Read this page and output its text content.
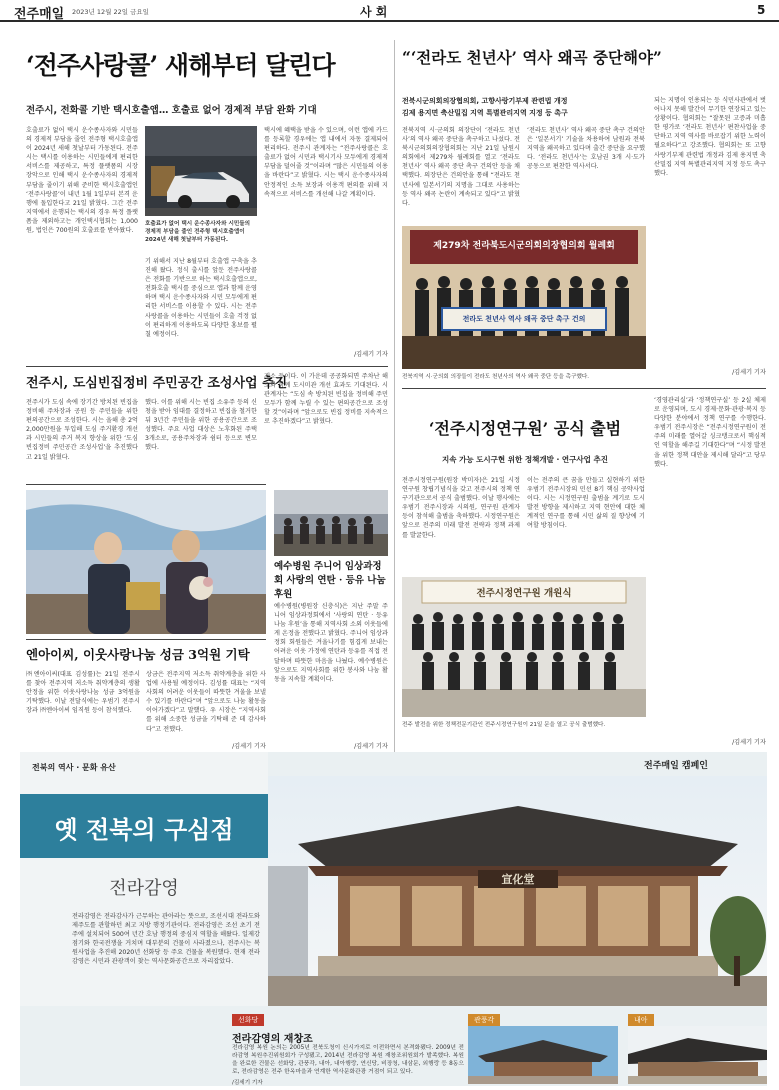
전주매일 2023년 12월 22일 금요일	사 회	5
‘전주사랑콜’ 새해부터 달린다
전주시, 전화콜 기반 택시호출앱… 호출료 없어 경제적 부담 완화 기대
호출료가 없어 택시 운수종사자와 시민들의 경제적 부담을 줄인 전주형 택시호출앱이 2024년 새해 첫날부터 가동된다. 전주시는 택시를 이용하는 시민들에게 편리한 서비스를 제공하고, 특정 플랫폼의 시장 장악으로 인해 택시 운수종사자의 경제적 부담을 줄이기 위해 준비한 택시호출앱인 ‘전주사랑콜’이 내년 1월 1일부터 본격 운행에 돌입한다고 21일 밝혔다. 그간 전주지역에서 운행되는 택시의 경우 특정 플랫폼을 제외하고는 개인택시협회는 1,000원, 법인은 700원의 호출료를 받아왔다.
호출료가 없어 택시 운수종사자와 시민들의 경제적 부담을 줄인 전주형 택시호출앱이 2024년 새해 첫날부터 가동된다.
기 위해서 지난 8월부터 호출앱 구축을 추진해 왔다. 정식 출시를 앞둔 전주사랑콜은 전화를 기반으로 하는 택시호출앱으로, 전화호출 택시를 중심으로 앱과 함께 운영하며 택시 운수종사자와 시민 모두에게 편리한 서비스를 이용할 수 있다. 시는 전주사랑콜을 이용하는 시민들이 호출 걱정 없이 편리하게 이용하도록 다양한 홍보를 펼칠 예정이다.
택시에 혜택을 받을 수 있으며, 이런 앱에 카드를 등록할 경우에는 앱 내에서 자동 결제되어 편리하다. 전주시 관계자는 “전주사랑콜은 호출료가 없어 시민과 택시기사 모두에게 경제적 부담을 덜어줄 것”이라며 “많은 시민들의 이용을 바란다”고 밝혔다. 시는 택시 운수종사자의 안정적인 소득 보장과 이용객 편의를 위해 지속적으로 서비스를 개선해 나갈 계획이다.
/김세기 기자
전주시, 도심빈집정비 주민공간 조성사업 추진
전주시가 도심 속에 장기간 방치된 빈집을 정비해 주차장과 공원 등 주민들을 위한 편의공간으로 조성한다. 시는 올해 총 2억2,000만원을 투입해 도심 주거환경 개선과 시민들의 주거 복지 향상을 위한 ‘도심빈집정비 주민공간 조성사업’을 추진했다고 21일 밝혔다.
했다. 이를 위해 시는 빈집 소유주 등의 신청을 받아 임대를 결정하고 빈집을 철거한 뒤 3년간 주민들을 위한 공용공간으로 조성했다. 주요 사업 대상은 노후화된 주택 3개소로, 공용주차장과 쉼터 등으로 변모했다.
게소 등이다. 이 가운데 공공화되면 주차난 해소와 함께 도시미관 개선 효과도 기대된다. 시 관계자는 “도심 속 방치된 빈집을 정비해 주민 모두가 함께 누릴 수 있는 편의공간으로 조성할 것”이라며 “앞으로도 빈집 정비를 지속적으로 추진하겠다”고 밝혔다.
엔아이씨, 이웃사랑나눔 성금 3억원 기탁
㈜엔아이씨(대표 김성률)는 21일 전주시를 찾아 전주지역 저소득 취약계층의 생활 안정을 위한 이웃사랑나눔 성금 3억원을 기탁했다. 이날 전달식에는 우범기 전주시장과 ㈜엔아이씨 임직원 등이 참석했다.
상금은 전주지역 저소득 취약계층을 위한 사업에 사용될 예정이다. 김성률 대표는 “지역사회의 어려운 이웃들이 따뜻한 겨울을 보낼 수 있기를 바란다”며 “앞으로도 나눔 활동을 이어가겠다”고 말했다. 우 시장은 “지역사회를 위해 소중한 성금을 기탁해 준 데 감사하다”고 전했다.
/김세기 기자
예수병원 주니어 임상과정회 사랑의 연탄 · 등유 나눔 후원
예수병원(병원장 신충식)은 지난 주말 주니어 임상과정회에서 ‘사랑의 연탄 · 등유 나눔 후원’을 통해 지역사회 소외 이웃들에게 온정을 전했다고 밝혔다. 주니어 임상과정회 회원들은 겨울나기를 힘겹게 보내는 어려운 이웃 가정에 연탄과 등유를 직접 전달하며 따뜻한 마음을 나눴다. 예수병원은 앞으로도 지역사회를 위한 봉사와 나눔 활동을 지속할 계획이다.
/김세기 기자
“‘전라도 천년사’ 역사 왜곡 중단해야”
전북시군의회의장협의회, 고향사랑기부제 관련법 개정
김제 용지면 축산밀집 지역 특별관리지역 지정 등 촉구
전북지역 시·군의회 의장단이 ‘전라도 천년사’의 역사 왜곡 중단을 촉구하고 나섰다. 전북시군의회의장협의회는 지난 21일 남원시의회에서 제279차 월례회를 열고 ‘전라도 천년사’ 역사 왜곡 중단 촉구 건의안 등을 채택했다. 의장단은 건의안을 통해 “전라도 천년사에 일본서기의 지명을 그대로 사용하는 등 역사 왜곡 논란이 계속되고 있다”고 밝혔다.
‘전라도 천년사’ 역사 왜곡 중단 촉구 건의안은 ‘일본서기’ 기술을 차용하여 남원과 전북 지역을 왜곡하고 있다며 출간 중단을 요구했다. ‘전라도 천년사’는 호남권 3개 시·도가 공동으로 편찬한 역사서다.
되는 지명이 인용되는 등 식민사관에서 벗어나지 못해 발간이 무기한 연장되고 있는 상황이다. 협의회는 “잘못된 고증과 미흡한 평가로 ‘전라도 천년사’ 편찬사업을 중단하고 지역 역사를 바로잡기 위한 노력이 필요하다”고 강조했다. 협의회는 또 고향사랑기부제 관련법 개정과 김제 용지면 축산밀집 지역 특별관리지역 지정 등도 촉구했다.
/김세기 기자
제279차 전라북도시군의회의장협의회 월례회
전라도 천년사 역사 왜곡 중단 촉구 건의
전북지역 시·군의회 의장들이 전라도 천년사의 역사 왜곡 중단 등을 촉구했다.
‘전주시정연구원’ 공식 출범
지속 가능 도시구현 위한 정책개발 · 연구사업 추진
전주시정연구원(원장 박미자)은 21일 시정연구원 창립기념식을 갖고 전주시의 정책 연구기관으로서 공식 출범했다. 이날 행사에는 우범기 전주시장과 시의원, 연구원 관계자 등이 참석해 출범을 축하했다. 시정연구원은 앞으로 전주의 미래 발전 전략과 정책 과제를 발굴한다.
이는 전주의 큰 꿈을 만들고 실현하기 위한 우범기 전주시장의 민선 8기 핵심 공약사업이다. 시는 시정연구원 출범을 계기로 도시 발전 방향을 제시하고 지역 현안에 대한 체계적인 연구를 통해 시민 삶의 질 향상에 기여할 방침이다.
‘경영관리실’과 ‘정책연구실’ 등 2실 체제로 운영되며, 도시 경제·문화·관광·복지 등 다양한 분야에서 정책 연구를 수행한다. 우범기 전주시장은 “전주시정연구원이 전주의 미래를 열어갈 싱크탱크로서 핵심적인 역할을 해주길 기대한다”며 “시정 발전을 위한 정책 대안을 제시해 달라”고 당부했다.
/김세기 기자
전주시정연구원 개원식
전주 발전을 위한 정책전문기관인 전주시정연구원이 21일 문을 열고 공식 출범했다.
전북의 역사 · 문화 유산
옛 전북의 구심점
전라감영
전라감영은 전라감사가 근무하는 관아라는 뜻으로, 조선시대 전라도와 제주도를 관할하던 최고 지방 행정기관이다. 전라감영은 조선 초기 전주에 설치되어 500여 년간 호남 행정의 중심지 역할을 해왔다. 일제강점기와 한국전쟁을 거치며 대부분의 건물이 사라졌으나, 전주시는 복원사업을 추진해 2020년 선화당 등 주요 건물을 복원했다. 현재 전라감영은 시민과 관광객이 찾는 역사문화공간으로 자리잡았다.
전주매일 캠페인
宣化堂
선화당
전라감영의 재창조
전라감영 복원 논의는 2005년 전북도청이 신시가지로 이전하면서 본격화됐다. 2009년 전라감영 복원추진위원회가 구성됐고, 2014년 전라감영 복원 재창조위원회가 발족했다. 복원을 완료한 건물은 선화당, 관풍각, 내아, 내아행랑, 연신당, 비장청, 내삼문, 외행랑 등 8동으로, 전라감영은 전주 한옥마을과 연계한 역사문화관광 거점이 되고 있다.
관풍각	내아
/김세기 기자
